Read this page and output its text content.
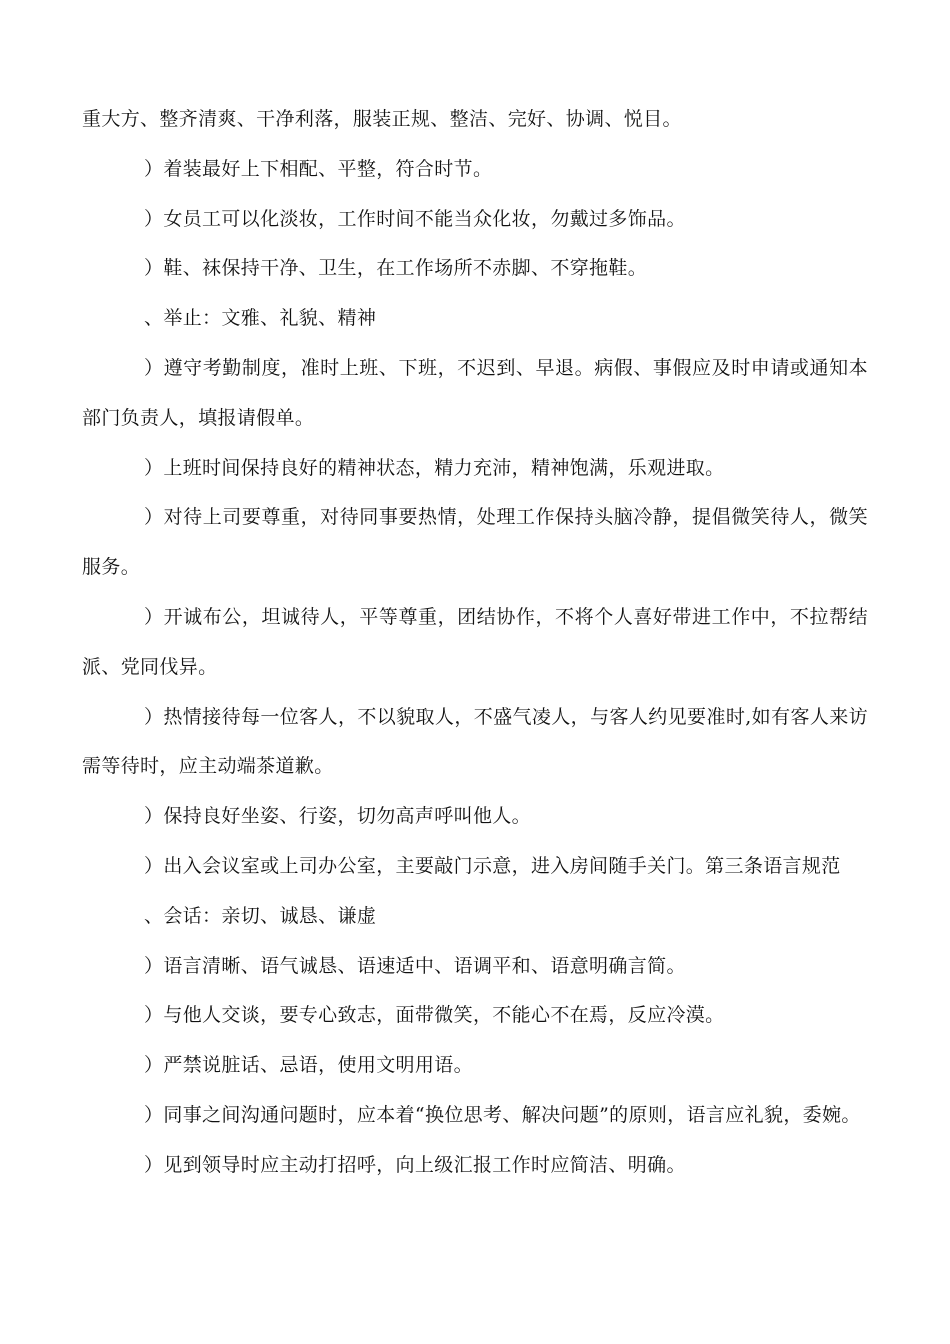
重大方、整齐清爽、干净利落，服装正规、整洁、完好、协调、悦目。

）着装最好上下相配、平整，符合时节。

）女员工可以化淡妆，工作时间不能当众化妆，勿戴过多饰品。

）鞋、袜保持干净、卫生，在工作场所不赤脚、不穿拖鞋。

、举止：文雅、礼貌、精神

）遵守考勤制度，准时上班、下班，不迟到、早退。病假、事假应及时申请或通知本部门负责人，填报请假单。

）上班时间保持良好的精神状态，精力充沛，精神饱满，乐观进取。

）对待上司要尊重，对待同事要热情，处理工作保持头脑冷静，提倡微笑待人，微笑服务。

）开诚布公，坦诚待人，平等尊重，团结协作，不将个人喜好带进工作中，不拉帮结派、党同伐异。

）热情接待每一位客人，不以貌取人，不盛气凌人，与客人约见要准时,如有客人来访需等待时，应主动端茶道歉。

）保持良好坐姿、行姿，切勿高声呼叫他人。

）出入会议室或上司办公室，主要敲门示意，进入房间随手关门。第三条语言规范

、会话：亲切、诚恳、谦虚

）语言清晰、语气诚恳、语速适中、语调平和、语意明确言简。

）与他人交谈，要专心致志，面带微笑，不能心不在焉，反应冷漠。

）严禁说脏话、忌语，使用文明用语。

）同事之间沟通问题时，应本着“换位思考、解决问题”的原则，语言应礼貌，委婉。

）见到领导时应主动打招呼，向上级汇报工作时应简洁、明确。
